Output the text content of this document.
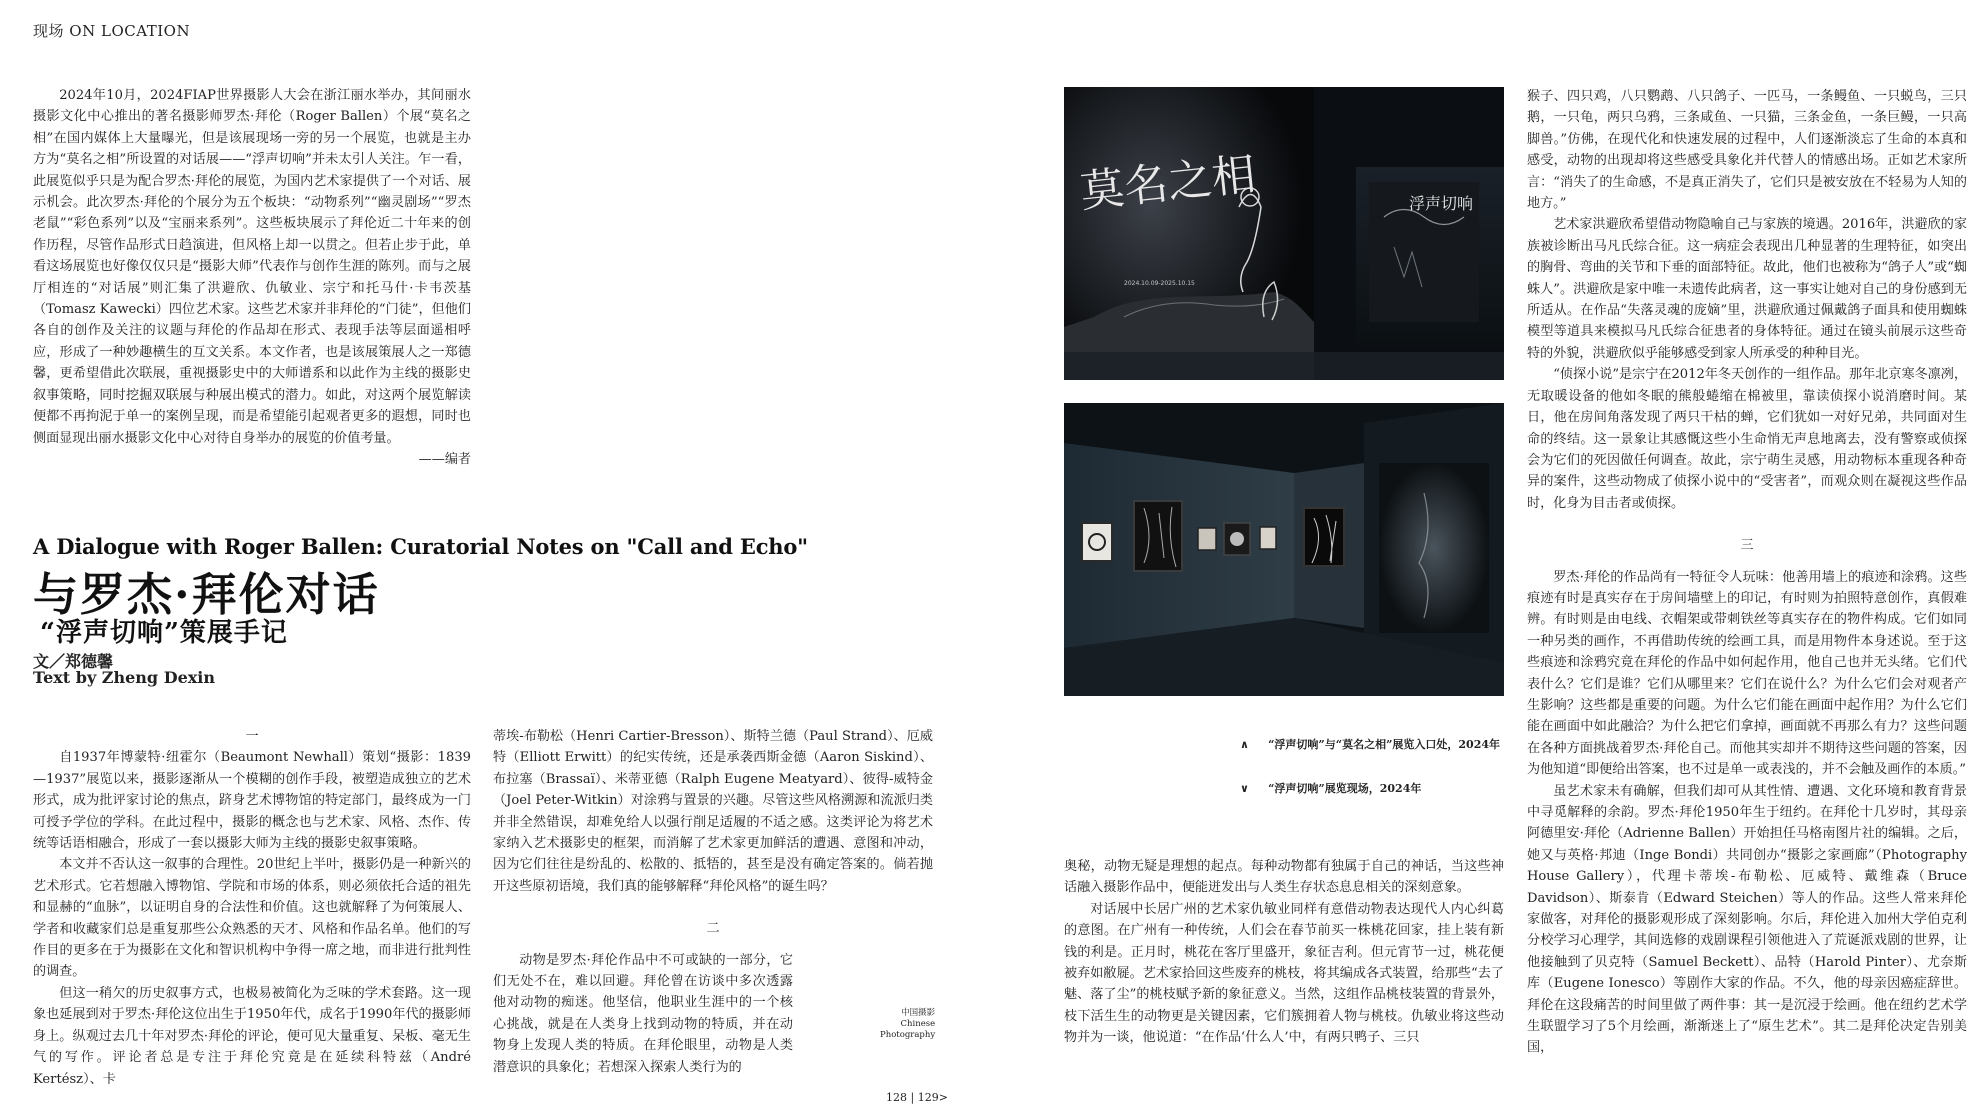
现场 ON LOCATION

2024年10月，2024FIAP世界摄影人大会在浙江丽水举办，其间丽水摄影文化中心推出的著名摄影师罗杰·拜伦（Roger Ballen）个展“莫名之相”在国内媒体上大量曝光，但是该展现场一旁的另一个展览，也就是主办方为“莫名之相”所设置的对话展——“浮声切响”并未太引人关注。乍一看，此展览似乎只是为配合罗杰·拜伦的展览，为国内艺术家提供了一个对话、展示机会。此次罗杰·拜伦的个展分为五个板块：“动物系列”“幽灵剧场”“罗杰老鼠”“彩色系列”以及“宝丽来系列”。这些板块展示了拜伦近二十年来的创作历程，尽管作品形式日趋演进，但风格上却一以贯之。但若止步于此，单看这场展览也好像仅仅只是“摄影大师”代表作与创作生涯的陈列。而与之展厅相连的“对话展”则汇集了洪避欣、仇敏业、宗宁和托马什·卡韦茨基（Tomasz Kawecki）四位艺术家。这些艺术家并非拜伦的“门徒”，但他们各自的创作及关注的议题与拜伦的作品却在形式、表现手法等层面遥相呼应，形成了一种妙趣横生的互文关系。本文作者，也是该展策展人之一郑德馨，更希望借此次联展，重视摄影史中的大师谱系和以此作为主线的摄影史叙事策略，同时挖掘双联展与种展出模式的潜力。如此，对这两个展览解读便都不再拘泥于单一的案例呈现，而是希望能引起观者更多的遐想，同时也侧面显现出丽水摄影文化中心对待自身举办的展览的价值考量。

——编者

A Dialogue with Roger Ballen: Curatorial Notes on "Call and Echo"
与罗杰·拜伦对话
“浮声切响”策展手记
文／郑德馨
Text by Zheng Dexin

一

自1937年博蒙特·纽霍尔（Beaumont Newhall）策划“摄影：1839—1937”展览以来，摄影逐渐从一个模糊的创作手段，被塑造成独立的艺术形式，成为批评家讨论的焦点，跻身艺术博物馆的特定部门，最终成为一门可授予学位的学科。在此过程中，摄影的概念也与艺术家、风格、杰作、传统等话语相融合，形成了一套以摄影大师为主线的摄影史叙事策略。

本文并不否认这一叙事的合理性。20世纪上半叶，摄影仍是一种新兴的艺术形式。它若想融入博物馆、学院和市场的体系，则必须依托合适的祖先和显赫的“血脉”，以证明自身的合法性和价值。这也就解释了为何策展人、学者和收藏家们总是重复那些公众熟悉的天才、风格和作品名单。他们的写作目的更多在于为摄影在文化和智识机构中争得一席之地，而非进行批判性的调查。

但这一稍欠的历史叙事方式，也极易被简化为乏味的学术套路。这一现象也延展到对于罗杰·拜伦这位出生于1950年代，成名于1990年代的摄影师身上。纵观过去几十年对罗杰·拜伦的评论，便可见大量重复、呆板、毫无生气的写作。评论者总是专注于拜伦究竟是在延续科特兹（André Kertész）、卡

蒂埃-布勒松（Henri Cartier-Bresson）、斯特兰德（Paul Strand）、厄威特（Elliott Erwitt）的纪实传统，还是承袭西斯金德（Aaron Siskind）、布拉塞（Brassaï）、米蒂亚德（Ralph Eugene Meatyard）、彼得-威特金（Joel Peter-Witkin）对涂鸦与置景的兴趣。尽管这些风格溯源和流派归类并非全然错误，却难免给人以强行削足适履的不适之感。这类评论为将艺术家纳入艺术摄影史的框架，而消解了艺术家更加鲜活的遭遇、意图和冲动，因为它们往往是纷乱的、松散的、抵牾的，甚至是没有确定答案的。倘若抛开这些原初语境，我们真的能够解释“拜伦风格”的诞生吗？

二

动物是罗杰·拜伦作品中不可或缺的一部分，它们无处不在，难以回避。拜伦曾在访谈中多次透露他对动物的痴迷。他坚信，他职业生涯中的一个核心挑战，就是在人类身上找到动物的特质，并在动物身上发现人类的特质。在拜伦眼里，动物是人类潜意识的具象化；若想深入探索人类行为的

中国摄影
Chinese
Photography
浮声切响
莫名之相
2024.10.09-2025.10.15
∧ “浮声切响”与“莫名之相”展览入口处，2024年
∨ “浮声切响”展览现场，2024年

奥秘，动物无疑是理想的起点。每种动物都有独属于自己的神话，当这些神话融入摄影作品中，便能迸发出与人类生存状态息息相关的深刻意象。

对话展中长居广州的艺术家仇敏业同样有意借动物表达现代人内心纠葛的意图。在广州有一种传统，人们会在春节前买一株桃花回家，挂上装有新钱的利是。正月时，桃花在客厅里盛开，象征吉利。但元宵节一过，桃花便被弃如敝屣。艺术家拾回这些废弃的桃枝，将其编成各式装置，给那些“去了魅、落了尘”的桃枝赋予新的象征意义。当然，这组作品桃枝装置的背景外，枝下活生生的动物更是关键因素，它们簇拥着人物与桃枝。仇敏业将这些动物并为一谈，他说道：“在作品‘什么人’中，有两只鸭子、三只

猴子、四只鸡，八只鹦鹉、八只鸽子、一匹马，一条鳗鱼、一只蜕鸟，三只鹅，一只龟，两只乌鸦，三条咸鱼、一只猫，三条金鱼，一条巨鳗，一只高脚兽。”仿佛，在现代化和快速发展的过程中，人们逐渐淡忘了生命的本真和感受，动物的出现却将这些感受具象化并代替人的情感出场。正如艺术家所言：“消失了的生命感，不是真正消失了，它们只是被安放在不轻易为人知的地方。”

艺术家洪避欣希望借动物隐喻自己与家族的境遇。2016年，洪避欣的家族被诊断出马凡氏综合征。这一病症会表现出几种显著的生理特征，如突出的胸骨、弯曲的关节和下垂的面部特征。故此，他们也被称为“鸽子人”或“蜘蛛人”。洪避欣是家中唯一未遗传此病者，这一事实让她对自己的身份感到无所适从。在作品“失落灵魂的庞嫡”里，洪避欣通过佩戴鸽子面具和使用蜘蛛模型等道具来模拟马凡氏综合征患者的身体特征。通过在镜头前展示这些奇特的外貌，洪避欣似乎能够感受到家人所承受的种种目光。

“侦探小说”是宗宁在2012年冬天创作的一组作品。那年北京寒冬凛冽，无取暖设备的他如冬眠的熊般蜷缩在棉被里，靠读侦探小说消磨时间。某日，他在房间角落发现了两只干枯的蝉，它们犹如一对好兄弟，共同面对生命的终结。这一景象让其感慨这些小生命悄无声息地离去，没有警察或侦探会为它们的死因做任何调查。故此，宗宁萌生灵感，用动物标本重现各种奇异的案件，这些动物成了侦探小说中的“受害者”，而观众则在凝视这些作品时，化身为目击者或侦探。

三

罗杰·拜伦的作品尚有一特征令人玩味：他善用墙上的痕迹和涂鸦。这些痕迹有时是真实存在于房间墙壁上的印记，有时则为拍照特意创作，真假难辨。有时则是由电线、衣帽架或带刺铁丝等真实存在的物件构成。它们如同一种另类的画作，不再借助传统的绘画工具，而是用物件本身述说。至于这些痕迹和涂鸦究竟在拜伦的作品中如何起作用，他自己也并无头绪。它们代表什么？它们是谁？它们从哪里来？它们在说什么？为什么它们会对观者产生影响？这些都是重要的问题。为什么它们能在画面中起作用？为什么它们能在画面中如此融洽？为什么把它们拿掉，画面就不再那么有力？这些问题在各种方面挑战着罗杰·拜伦自己。而他其实却并不期待这些问题的答案，因为他知道“即便给出答案，也不过是单一或表浅的，并不会触及画作的本质。”

虽艺术家未有确解，但我们却可从其性情、遭遇、文化环境和教育背景中寻觅解释的余韵。罗杰·拜伦1950年生于纽约。在拜伦十几岁时，其母亲阿德里安·拜伦（Adrienne Ballen）开始担任马格南图片社的编辑。之后，她又与英格·邦迪（Inge Bondi）共同创办“摄影之家画廊”（Photography House Gallery），代理卡蒂埃-布勒松、厄威特、戴维森（Bruce Davidson）、斯泰肯（Edward Steichen）等人的作品。这些人常来拜伦家做客，对拜伦的摄影观形成了深刻影响。尔后，拜伦进入加州大学伯克利分校学习心理学，其间选修的戏剧课程引领他进入了荒诞派戏剧的世界，让他接触到了贝克特（Samuel Beckett）、品特（Harold Pinter）、尤奈斯库（Eugene Ionesco）等剧作大家的作品。不久，他的母亲因癌症辞世。拜伦在这段痛苦的时间里做了两件事：其一是沉浸于绘画。他在纽约艺术学生联盟学习了5个月绘画，渐渐迷上了“原生艺术”。其二是拜伦决定告别美国，

128 | 129>
